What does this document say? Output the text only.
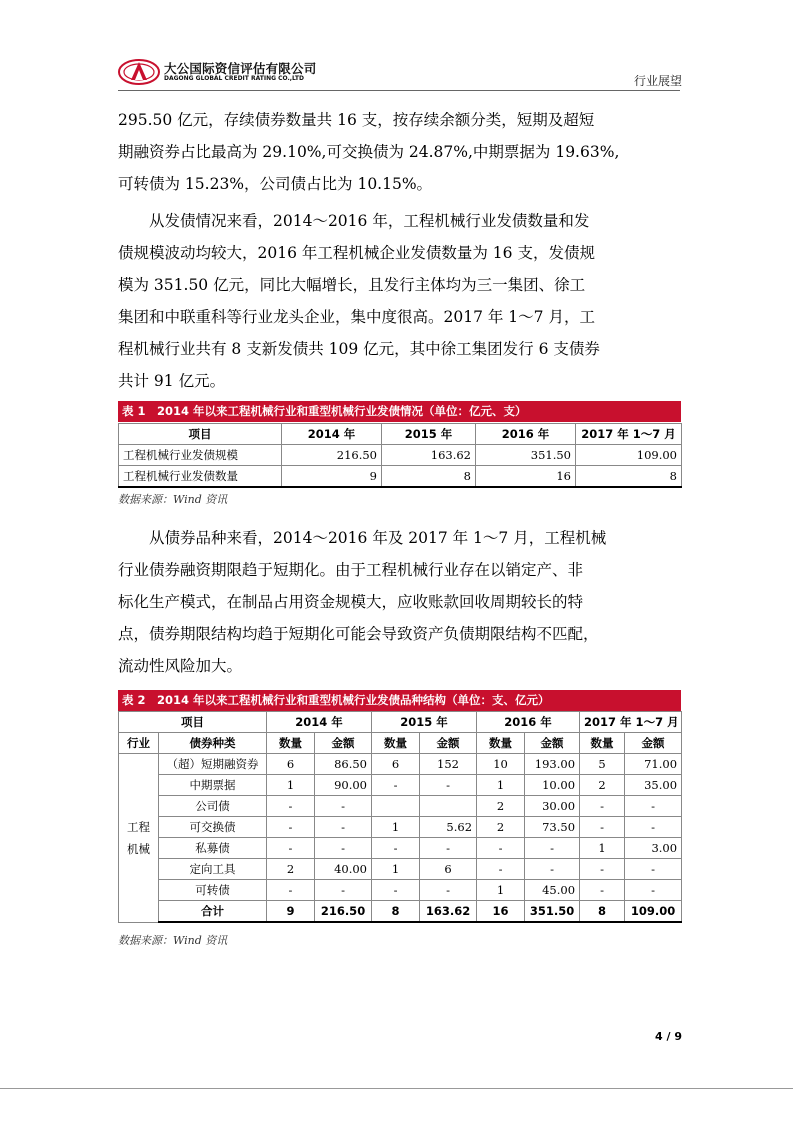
大公国际资信评估有限公司
DAGONG GLOBAL CREDIT RATING CO.,LTD	行业展望
295.50 亿元，存续债券数量共 16 支，按存续余额分类，短期及超短
期融资券占比最高为 29.10%,可交换债为 24.87%,中期票据为 19.63%,
可转债为 15.23%，公司债占比为 10.15%。
从发债情况来看，2014～2016 年，工程机械行业发债数量和发
债规模波动均较大，2016 年工程机械企业发债数量为 16 支，发债规
模为 351.50 亿元，同比大幅增长，且发行主体均为三一集团、徐工
集团和中联重科等行业龙头企业，集中度很高。2017 年 1～7 月，工
程机械行业共有 8 支新发债共 109 亿元，其中徐工集团发行 6 支债券
共计 91 亿元。
表 1　2014 年以来工程机械行业和重型机械行业发债情况（单位：亿元、支）
项目	2014 年	2015 年	2016 年	2017 年 1～7 月
工程机械行业发债规模	216.50	163.62	351.50	109.00
工程机械行业发债数量	9	8	16	8
数据来源：Wind 资讯
从债券品种来看，2014～2016 年及 2017 年 1～7 月，工程机械
行业债券融资期限趋于短期化。由于工程机械行业存在以销定产、非
标化生产模式，在制品占用资金规模大，应收账款回收周期较长的特
点，债券期限结构均趋于短期化可能会导致资产负债期限结构不匹配，
流动性风险加大。
表 2　2014 年以来工程机械行业和重型机械行业发债品种结构（单位：支、亿元）
项目		2014 年		2015 年		2016 年		2017 年 1～7 月	
行业	债券种类	数量	金额	数量	金额	数量	金额	数量	金额

工程
机械	（超）短期融资券	6	86.50	6	152	10	193.00	5	71.00
	中期票据	1	90.00	-	-	1	10.00	2	35.00
	公司债	-	-			2	30.00	-	-
	可交换债	-	-	1	5.62	2	73.50	-	-
	私募债	-	-	-	-	-	-	1	3.00
	定向工具	2	40.00	1	6	-	-	-	-
	可转债	-	-	-	-	1	45.00	-	-
	合计	9	216.50	8	163.62	16	351.50	8	109.00
数据来源：Wind 资讯
4 / 9
